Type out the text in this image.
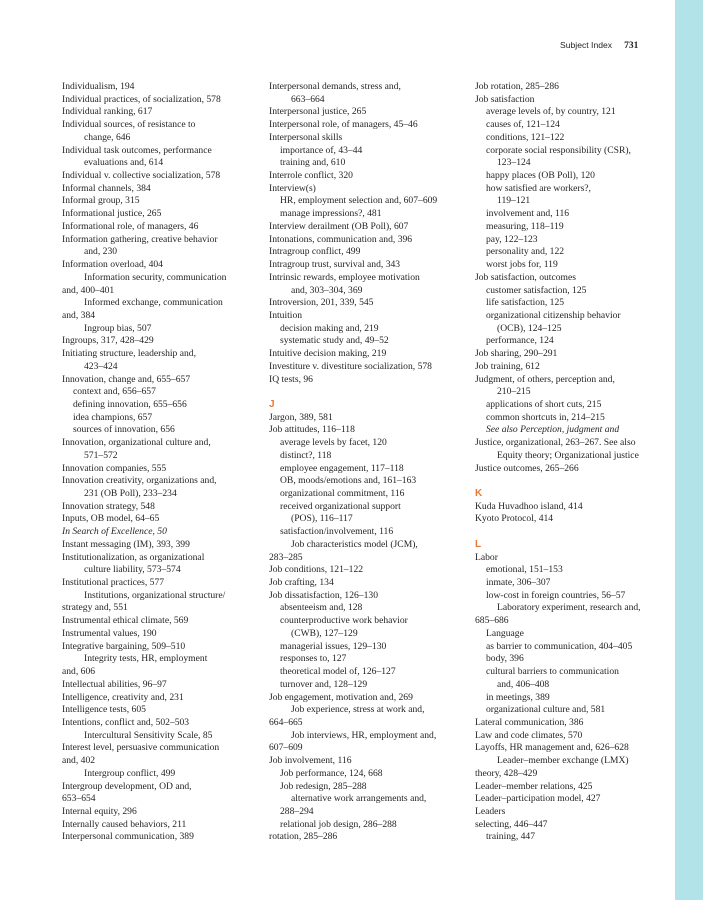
Subject Index 731

Individualism, 194

Individual practices, of socialization, 578

Individual ranking, 617

Individual sources, of resistance to

change, 646

Individual task outcomes, performance

evaluations and, 614

Individual v. collective socialization, 578

Informal channels, 384

Informal group, 315

Informational justice, 265

Informational role, of managers, 46

Information gathering, creative behavior

and, 230

Information overload, 404

Information security, communication

and, 400–401

Informed exchange, communication

and, 384

Ingroup bias, 507

Ingroups, 317, 428–429

Initiating structure, leadership and,

423–424

Innovation, change and, 655–657

context and, 656–657

defining innovation, 655–656

idea champions, 657

sources of innovation, 656

Innovation, organizational culture and,

571–572

Innovation companies, 555

Innovation creativity, organizations and,

231 (OB Poll), 233–234

Innovation strategy, 548

Inputs, OB model, 64–65

In Search of Excellence, 50

Instant messaging (IM), 393, 399

Institutionalization, as organizational

culture liability, 573–574

Institutional practices, 577

Institutions, organizational structure/

strategy and, 551

Instrumental ethical climate, 569

Instrumental values, 190

Integrative bargaining, 509–510

Integrity tests, HR, employment

and, 606

Intellectual abilities, 96–97

Intelligence, creativity and, 231

Intelligence tests, 605

Intentions, conflict and, 502–503

Intercultural Sensitivity Scale, 85

Interest level, persuasive communication

and, 402

Intergroup conflict, 499

Intergroup development, OD and,

653–654

Internal equity, 296

Internally caused behaviors, 211

Interpersonal communication, 389

Interpersonal demands, stress and,

663–664

Interpersonal justice, 265

Interpersonal role, of managers, 45–46

Interpersonal skills

importance of, 43–44

training and, 610

Interrole conflict, 320

Interview(s)

HR, employment selection and, 607–609

manage impressions?, 481

Interview derailment (OB Poll), 607

Intonations, communication and, 396

Intragroup conflict, 499

Intragroup trust, survival and, 343

Intrinsic rewards, employee motivation

and, 303–304, 369

Introversion, 201, 339, 545

Intuition

decision making and, 219

systematic study and, 49–52

Intuitive decision making, 219

Investiture v. divestiture socialization, 578

IQ tests, 96

J

Jargon, 389, 581

Job attitudes, 116–118

average levels by facet, 120

distinct?, 118

employee engagement, 117–118

OB, moods/emotions and, 161–163

organizational commitment, 116

received organizational support

(POS), 116–117

satisfaction/involvement, 116

Job characteristics model (JCM),

283–285

Job conditions, 121–122

Job crafting, 134

Job dissatisfaction, 126–130

absenteeism and, 128

counterproductive work behavior

(CWB), 127–129

managerial issues, 129–130

responses to, 127

theoretical model of, 126–127

turnover and, 128–129

Job engagement, motivation and, 269

Job experience, stress at work and,

664–665

Job interviews, HR, employment and,

607–609

Job involvement, 116

Job performance, 124, 668

Job redesign, 285–288

alternative work arrangements and,

288–294

relational job design, 286–288

rotation, 285–286

Job rotation, 285–286

Job satisfaction

average levels of, by country, 121

causes of, 121–124

conditions, 121–122

corporate social responsibility (CSR),

123–124

happy places (OB Poll), 120

how satisfied are workers?,

119–121

involvement and, 116

measuring, 118–119

pay, 122–123

personality and, 122

worst jobs for, 119

Job satisfaction, outcomes

customer satisfaction, 125

life satisfaction, 125

organizational citizenship behavior

(OCB), 124–125

performance, 124

Job sharing, 290–291

Job training, 612

Judgment, of others, perception and,

210–215

applications of short cuts, 215

common shortcuts in, 214–215

See also Perception, judgment and

Justice, organizational, 263–267. See also

Equity theory; Organizational justice

Justice outcomes, 265–266

K

Kuda Huvadhoo island, 414

Kyoto Protocol, 414

L

Labor

emotional, 151–153

inmate, 306–307

low-cost in foreign countries, 56–57

Laboratory experiment, research and,

685–686

Language

as barrier to communication, 404–405

body, 396

cultural barriers to communication

and, 406–408

in meetings, 389

organizational culture and, 581

Lateral communication, 386

Law and code climates, 570

Layoffs, HR management and, 626–628

Leader–member exchange (LMX)

theory, 428–429

Leader–member relations, 425

Leader–participation model, 427

Leaders

selecting, 446–447

training, 447
